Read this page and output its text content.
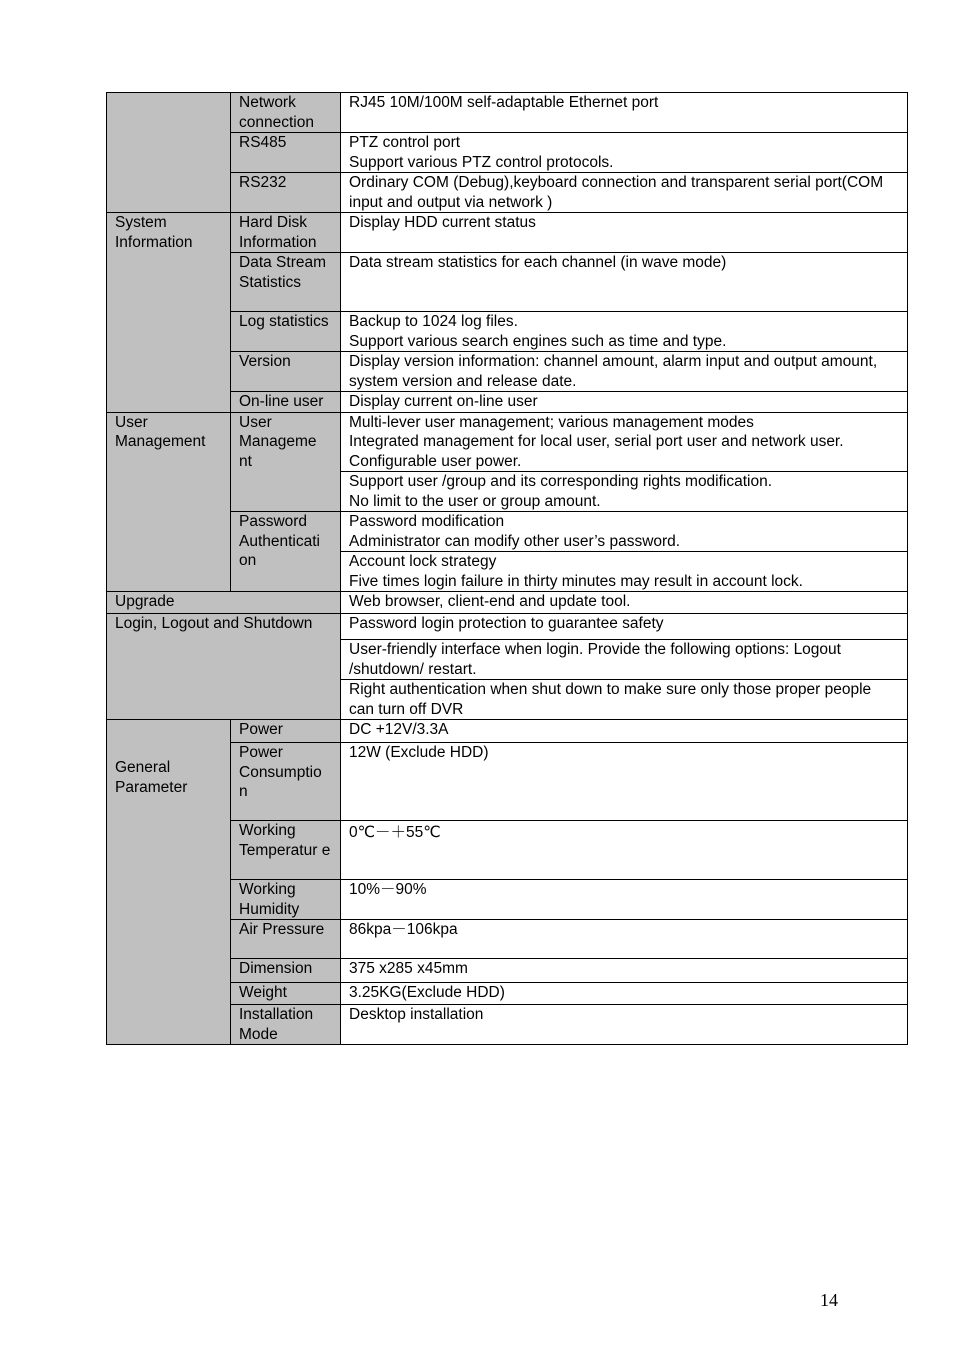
	Network connection	RJ45 10M/100M self-adaptable Ethernet port
	RS485	PTZ control port
Support various PTZ control protocols.

	RS232	Ordinary COM (Debug),keyboard connection and transparent serial port(COM input and output via network )
System Information	Hard Disk Information	Display HDD current status
	Data Stream Statistics	Data stream statistics for each channel (in wave mode)
	Log statistics	Backup to 1024 log files.
Support various search engines such as time and type.

	Version	Display version information: channel amount, alarm input and output amount, system version and release date.
	On-line user	Display current on-line user
User Management	User Manageme nt	Multi-lever user management; various management modes
Integrated management for local user, serial port user and network user.
Configurable user power.

		Support user /group and its corresponding rights modification.
No limit to the user or group amount.

	Password Authenticati on	Password modification
Administrator can modify other user’s password.

		Account lock strategy
Five times login failure in thirty minutes may result in account lock.

Upgrade		Web browser, client-end and update tool.
Login, Logout and Shutdown		Password login protection to guarantee safety
		User-friendly interface when login. Provide the following options: Logout /shutdown/ restart.
		Right authentication when shut down to make sure only those proper people can turn off DVR

General Parameter	Power	DC +12V/3.3A
	Power Consumptio n	12W (Exclude HDD)
	Working Temperatur e	0℃－＋55℃
	Working Humidity	10%－90%
	Air Pressure	86kpa－106kpa
	Dimension	375 x285 x45mm
	Weight	3.25KG(Exclude HDD)
	Installation Mode	Desktop installation
14
